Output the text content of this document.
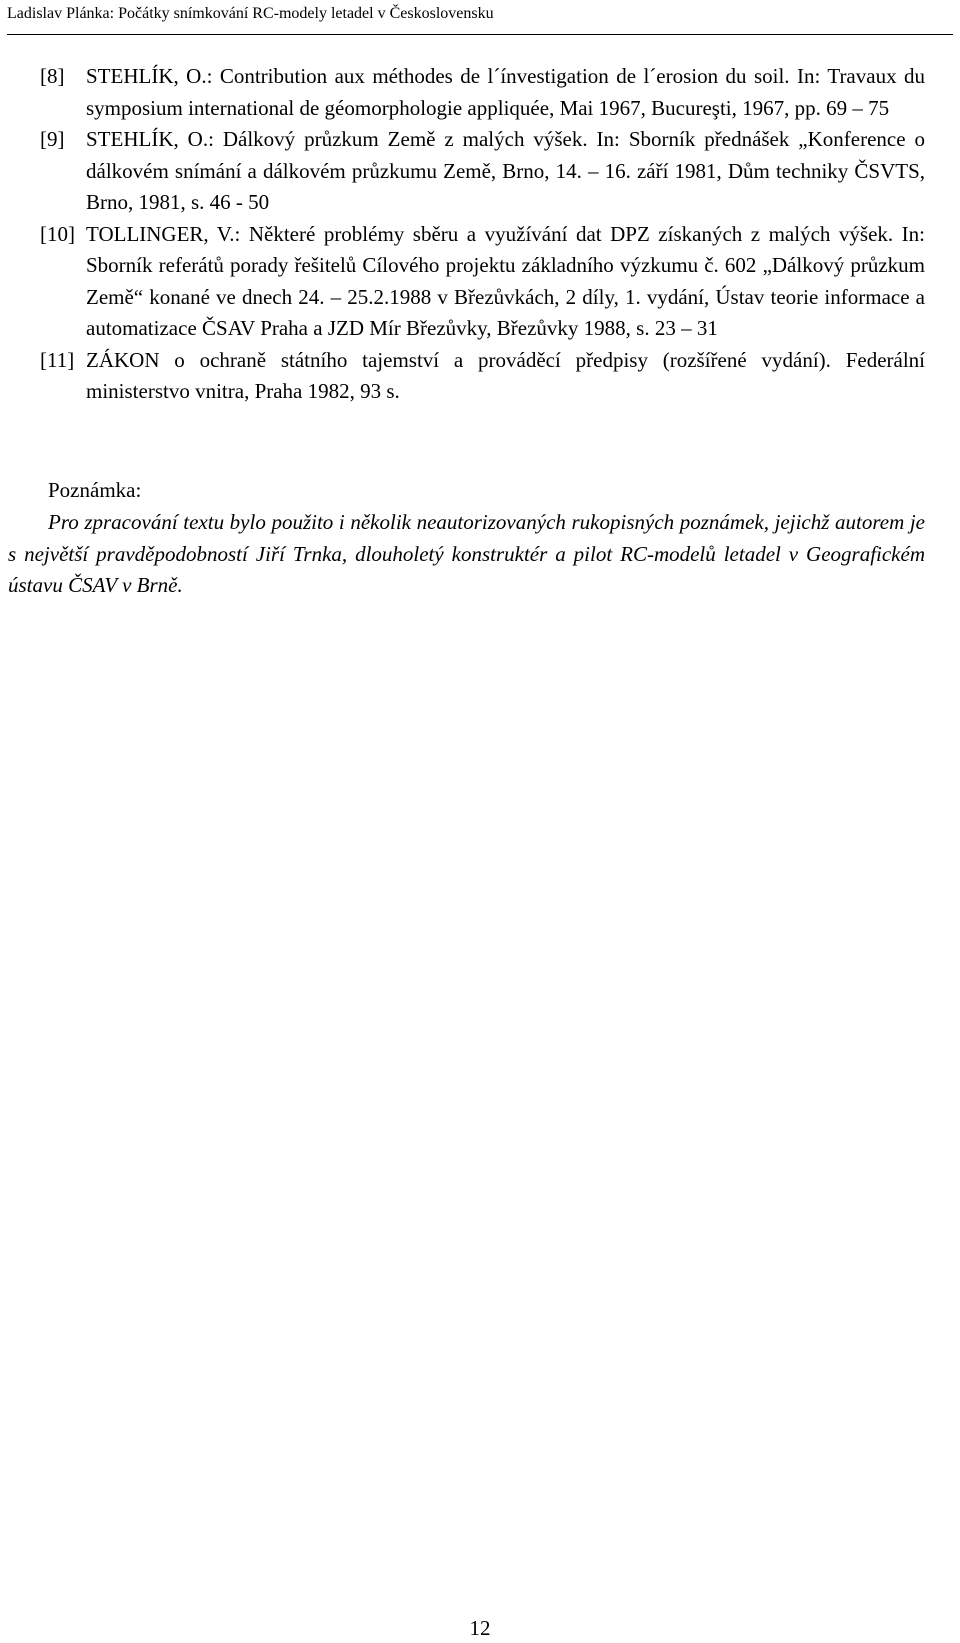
Ladislav Plánka: Počátky snímkování RC-modely letadel v Československu
[8]	STEHLÍK, O.: Contribution aux méthodes de l´ínvestigation de l´erosion du soil. In: Travaux du symposium international de géomorphologie appliquée, Mai 1967, Bucureşti, 1967, pp. 69 – 75
[9]	STEHLÍK, O.: Dálkový průzkum Země z malých výšek. In: Sborník přednášek „Konference o dálkovém snímání a dálkovém průzkumu Země, Brno, 14. – 16. září 1981, Dům techniky ČSVTS, Brno, 1981, s. 46 - 50
[10] TOLLINGER, V.: Některé problémy sběru a využívání dat DPZ získaných z malých výšek. In: Sborník referátů porady řešitelů Cílového projektu základního výzkumu č. 602 „Dálkový průzkum Země“ konané ve dnech 24. – 25.2.1988 v Březůvkách, 2 díly, 1. vydání, Ústav teorie informace a automatizace ČSAV Praha a JZD Mír Březůvky, Březůvky 1988, s. 23 – 31
[11] ZÁKON o ochraně státního tajemství a prováděcí předpisy (rozšířené vydání). Federální ministerstvo vnitra, Praha 1982, 93 s.
Poznámka:
Pro zpracování textu bylo použito i několik neautorizovaných rukopisných poznámek, jejichž autorem je s největší pravděpodobností Jiří Trnka, dlouholetý konstruktér a pilot RC-modelů letadel v Geografickém ústavu ČSAV v Brně.
12
